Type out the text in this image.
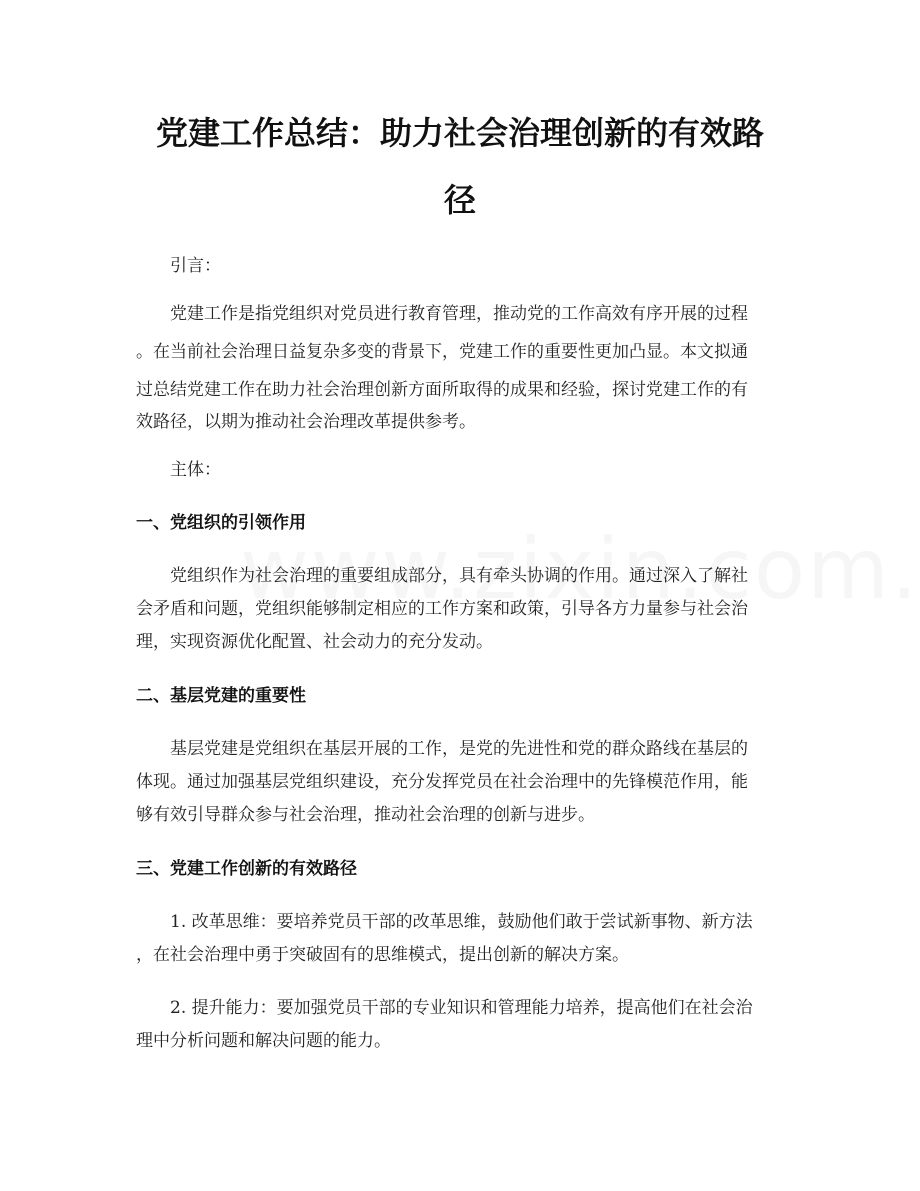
党建工作总结：助力社会治理创新的有效路
径

引言：

党建工作是指党组织对党员进行教育管理，推动党的工作高效有序开展的过程

。在当前社会治理日益复杂多变的背景下，党建工作的重要性更加凸显。本文拟通

过总结党建工作在助力社会治理创新方面所取得的成果和经验，探讨党建工作的有

效路径，以期为推动社会治理改革提供参考。

主体：

一、党组织的引领作用

党组织作为社会治理的重要组成部分，具有牵头协调的作用。通过深入了解社

会矛盾和问题，党组织能够制定相应的工作方案和政策，引导各方力量参与社会治

理，实现资源优化配置、社会动力的充分发动。

二、基层党建的重要性

基层党建是党组织在基层开展的工作，是党的先进性和党的群众路线在基层的

体现。通过加强基层党组织建设，充分发挥党员在社会治理中的先锋模范作用，能

够有效引导群众参与社会治理，推动社会治理的创新与进步。

三、党建工作创新的有效路径

1. 改革思维：要培养党员干部的改革思维，鼓励他们敢于尝试新事物、新方法

，在社会治理中勇于突破固有的思维模式，提出创新的解决方案。

2. 提升能力：要加强党员干部的专业知识和管理能力培养，提高他们在社会治

理中分析问题和解决问题的能力。
